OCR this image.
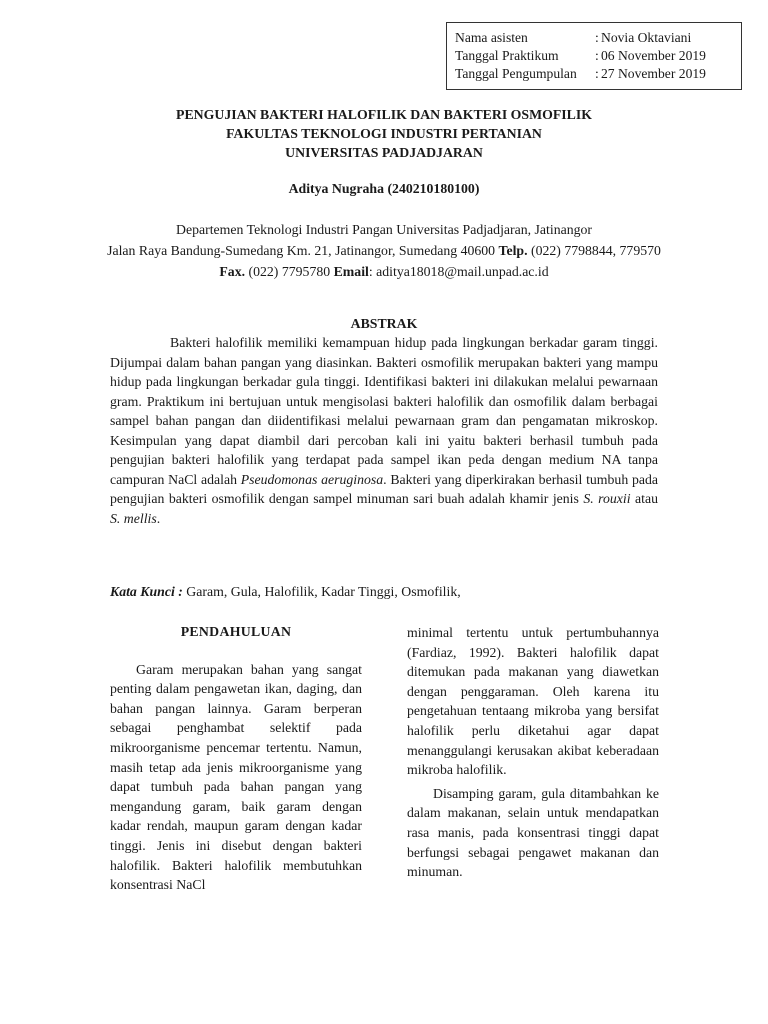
Nama asisten	: Novia Oktaviani
Tanggal Praktikum	: 06 November 2019
Tanggal Pengumpulan	: 27 November 2019
PENGUJIAN BAKTERI HALOFILIK DAN BAKTERI OSMOFILIK
FAKULTAS TEKNOLOGI INDUSTRI PERTANIAN
UNIVERSITAS PADJADJARAN
Aditya Nugraha (240210180100)
Departemen Teknologi Industri Pangan Universitas Padjadjaran, Jatinangor
Jalan Raya Bandung-Sumedang Km. 21, Jatinangor, Sumedang 40600 Telp. (022) 7798844, 779570 Fax. (022) 7795780 Email: aditya18018@mail.unpad.ac.id
ABSTRAK
Bakteri halofilik memiliki kemampuan hidup pada lingkungan berkadar garam tinggi. Dijumpai dalam bahan pangan yang diasinkan. Bakteri osmofilik merupakan bakteri yang mampu hidup pada lingkungan berkadar gula tinggi. Identifikasi bakteri ini dilakukan melalui pewarnaan gram. Praktikum ini bertujuan untuk mengisolasi bakteri halofilik dan osmofilik dalam berbagai sampel bahan pangan dan diidentifikasi melalui pewarnaan gram dan pengamatan mikroskop. Kesimpulan yang dapat diambil dari percoban kali ini yaitu bakteri berhasil tumbuh pada pengujian bakteri halofilik yang terdapat pada sampel ikan peda dengan medium NA tanpa campuran NaCl adalah Pseudomonas aeruginosa. Bakteri yang diperkirakan berhasil tumbuh pada pengujian bakteri osmofilik dengan sampel minuman sari buah adalah khamir jenis S. rouxii atau S. mellis.
Kata Kunci : Garam, Gula, Halofilik, Kadar Tinggi, Osmofilik,
PENDAHULUAN

Garam merupakan bahan yang sangat penting dalam pengawetan ikan, daging, dan bahan pangan lainnya. Garam berperan sebagai penghambat selektif pada mikroorganisme pencemar tertentu. Namun, masih tetap ada jenis mikroorganisme yang dapat tumbuh pada bahan pangan yang mengandung garam, baik garam dengan kadar rendah, maupun garam dengan kadar tinggi. Jenis ini disebut dengan bakteri halofilik. Bakteri halofilik membutuhkan konsentrasi NaCl

minimal tertentu untuk pertumbuhannya (Fardiaz, 1992). Bakteri halofilik dapat ditemukan pada makanan yang diawetkan dengan penggaraman. Oleh karena itu pengetahuan tentaang mikroba yang bersifat halofilik perlu diketahui agar dapat menanggulangi kerusakan akibat keberadaan mikroba halofilik.

Disamping garam, gula ditambahkan ke dalam makanan, selain untuk mendapatkan rasa manis, pada konsentrasi tinggi dapat berfungsi sebagai pengawet makanan dan minuman.
